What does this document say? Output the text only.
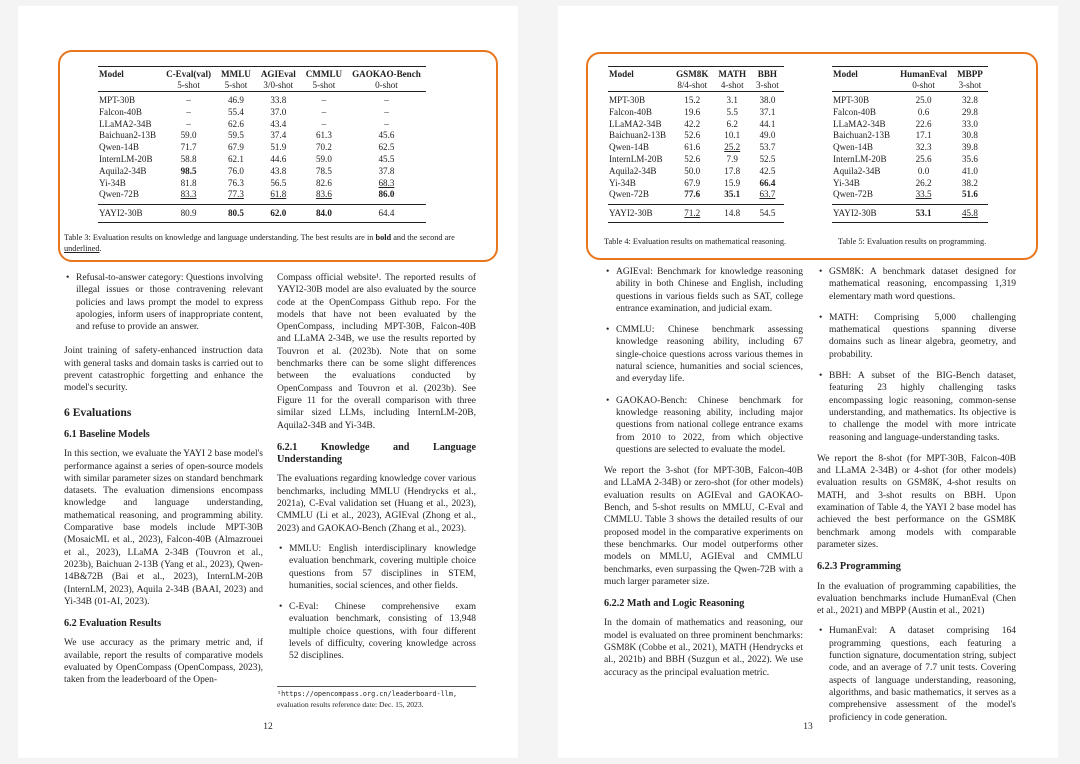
Model	C-Eval(val)	MMLU	AGIEval	CMMLU	GAOKAO-Bench
	5-shot	5-shot	3/0-shot	5-shot	0-shot
MPT-30B	–	46.9	33.8	–	–
Falcon-40B	–	55.4	37.0	–	–
LLaMA2-34B	–	62.6	43.4	–	–
Baichuan2-13B	59.0	59.5	37.4	61.3	45.6
Qwen-14B	71.7	67.9	51.9	70.2	62.5
InternLM-20B	58.8	62.1	44.6	59.0	45.5
Aquila2-34B	98.5	76.0	43.8	78.5	37.8
Yi-34B	81.8	76.3	56.5	82.6	68.3
Qwen-72B	83.3	77.3	61.8	83.6	86.0
YAYI2-30B	80.9	80.5	62.0	84.0	64.4
Table 3: Evaluation results on knowledge and language understanding. The best results are in bold and the second are underlined.
• Refusal-to-answer category: Questions involving illegal issues or those contravening relevant policies and laws prompt the model to express apologies, inform users of inappropriate content, and refuse to provide an answer.

Joint training of safety-enhanced instruction data with general tasks and domain tasks is carried out to prevent catastrophic forgetting and enhance the model's security.

6 Evaluations
6.1 Baseline Models

In this section, we evaluate the YAYI 2 base model's performance against a series of open-source models with similar parameter sizes on standard benchmark datasets. The evaluation dimensions encompass knowledge and language understanding, mathematical reasoning, and programming ability. Comparative base models include MPT-30B (MosaicML et al., 2023), Falcon-40B (Almazrouei et al., 2023), LLaMA 2-34B (Touvron et al., 2023b), Baichuan 2-13B (Yang et al., 2023), Qwen-14B&72B (Bai et al., 2023), InternLM-20B (InternLM, 2023), Aquila 2-34B (BAAI, 2023) and Yi-34B (01-AI, 2023).

6.2 Evaluation Results

We use accuracy as the primary metric and, if available, report the results of comparative models evaluated by OpenCompass (OpenCompass, 2023), taken from the leaderboard of the Open-

Compass official website¹. The reported results of YAYI2-30B model are also evaluated by the source code at the OpenCompass Github repo. For the models that have not been evaluated by the OpenCompass, including MPT-30B, Falcon-40B and LLaMA 2-34B, we use the results reported by Touvron et al. (2023b). Note that on some benchmarks there can be some slight differences between the evaluations conducted by OpenCompass and Touvron et al. (2023b). See Figure 11 for the overall comparison with three similar sized LLMs, including InternLM-20B, Aquila2-34B and Yi-34B.

6.2.1 Knowledge and Language Understanding

The evaluations regarding knowledge cover various benchmarks, including MMLU (Hendrycks et al., 2021a), C-Eval validation set (Huang et al., 2023), CMMLU (Li et al., 2023), AGIEval (Zhong et al., 2023) and GAOKAO-Bench (Zhang et al., 2023).

• MMLU: English interdisciplinary knowledge evaluation benchmark, covering multiple choice questions from 57 disciplines in STEM, humanities, social sciences, and other fields.
• C-Eval: Chinese comprehensive exam evaluation benchmark, consisting of 13,948 multiple choice questions, with four different levels of difficulty, covering knowledge across 52 disciplines.
¹https://opencompass.org.cn/leaderboard-llm,
evaluation results reference date: Dec. 15, 2023.
12
Model	GSM8K	MATH	BBH
	8/4-shot	4-shot	3-shot
MPT-30B	15.2	3.1	38.0
Falcon-40B	19.6	5.5	37.1
LLaMA2-34B	42.2	6.2	44.1
Baichuan2-13B	52.6	10.1	49.0
Qwen-14B	61.6	25.2	53.7
InternLM-20B	52.6	7.9	52.5
Aquila2-34B	50.0	17.8	42.5
Yi-34B	67.9	15.9	66.4
Qwen-72B	77.6	35.1	63.7
YAYI2-30B	71.2	14.8	54.5
Table 4: Evaluation results on mathematical reasoning.
Model	HumanEval	MBPP
	0-shot	3-shot
MPT-30B	25.0	32.8
Falcon-40B	0.6	29.8
LLaMA2-34B	22.6	33.0
Baichuan2-13B	17.1	30.8
Qwen-14B	32.3	39.8
InternLM-20B	25.6	35.6
Aquila2-34B	0.0	41.0
Yi-34B	26.2	38.2
Qwen-72B	33.5	51.6
YAYI2-30B	53.1	45.8
Table 5: Evaluation results on programming.
• AGIEval: Benchmark for knowledge reasoning ability in both Chinese and English, including questions in various fields such as SAT, college entrance examination, and judicial exam.
• CMMLU: Chinese benchmark assessing knowledge reasoning ability, including 67 single-choice questions across various themes in natural science, humanities and social sciences, and everyday life.
• GAOKAO-Bench: Chinese benchmark for knowledge reasoning ability, including major questions from national college entrance exams from 2010 to 2022, from which objective questions are selected to evaluate the model.

We report the 3-shot (for MPT-30B, Falcon-40B and LLaMA 2-34B) or zero-shot (for other models) evaluation results on AGIEval and GAOKAO-Bench, and 5-shot results on MMLU, C-Eval and CMMLU. Table 3 shows the detailed results of our proposed model in the comparative experiments on these benchmarks. Our model outperforms other models on MMLU, AGIEval and CMMLU benchmarks, even surpassing the Qwen-72B with a much larger parameter size.

6.2.2 Math and Logic Reasoning

In the domain of mathematics and reasoning, our model is evaluated on three prominent benchmarks: GSM8K (Cobbe et al., 2021), MATH (Hendrycks et al., 2021b) and BBH (Suzgun et al., 2022). We use accuracy as the principal evaluation metric.

• GSM8K: A benchmark dataset designed for mathematical reasoning, encompassing 1,319 elementary math word questions.
• MATH: Comprising 5,000 challenging mathematical questions spanning diverse domains such as linear algebra, geometry, and probability.
• BBH: A subset of the BIG-Bench dataset, featuring 23 highly challenging tasks encompassing logic reasoning, common-sense understanding, and mathematics. Its objective is to challenge the model with more intricate reasoning and language-understanding tasks.

We report the 8-shot (for MPT-30B, Falcon-40B and LLaMA 2-34B) or 4-shot (for other models) evaluation results on GSM8K, 4-shot results on MATH, and 3-shot results on BBH. Upon examination of Table 4, the YAYI 2 base model has achieved the best performance on the GSM8K benchmark among models with comparable parameter sizes.

6.2.3 Programming

In the evaluation of programming capabilities, the evaluation benchmarks include HumanEval (Chen et al., 2021) and MBPP (Austin et al., 2021)

• HumanEval: A dataset comprising 164 programming questions, each featuring a function signature, documentation string, subject code, and an average of 7.7 unit tests. Covering aspects of language understanding, reasoning, algorithms, and basic mathematics, it serves as a comprehensive assessment of the model's proficiency in code generation.
13
